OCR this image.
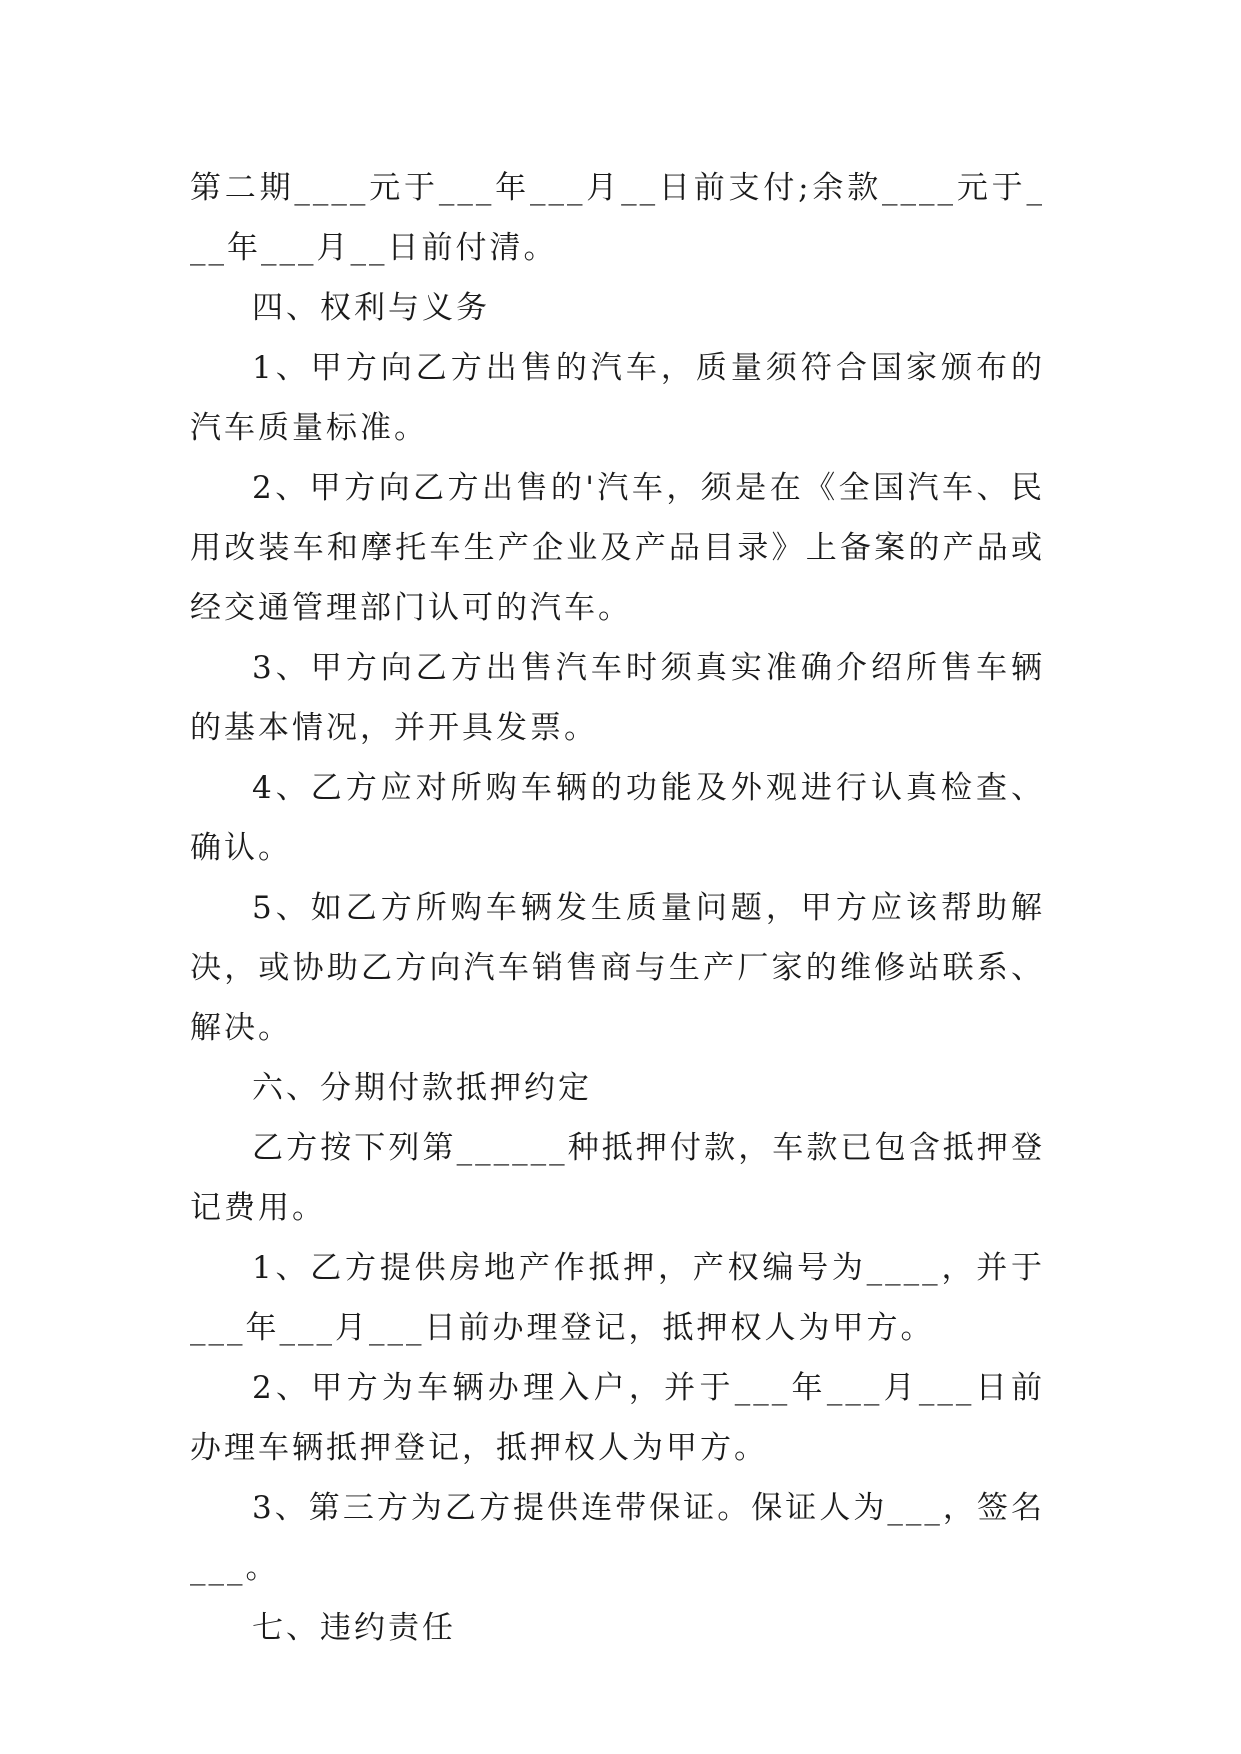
第二期____元于___年___月__日前支付;余款____元于___年___月__日前付清。

四、权利与义务

1、甲方向乙方出售的汽车，质量须符合国家颁布的汽车质量标准。

2、甲方向乙方出售的'汽车，须是在《全国汽车、民用改装车和摩托车生产企业及产品目录》上备案的产品或经交通管理部门认可的汽车。

3、甲方向乙方出售汽车时须真实准确介绍所售车辆的基本情况，并开具发票。

4、乙方应对所购车辆的功能及外观进行认真检查、确认。

5、如乙方所购车辆发生质量问题，甲方应该帮助解决，或协助乙方向汽车销售商与生产厂家的维修站联系、解决。

六、分期付款抵押约定

乙方按下列第______种抵押付款，车款已包含抵押登记费用。

1、乙方提供房地产作抵押，产权编号为____，并于___年___月___日前办理登记，抵押权人为甲方。

2、甲方为车辆办理入户，并于___年___月___日前办理车辆抵押登记，抵押权人为甲方。

3、第三方为乙方提供连带保证。保证人为___，签名___。

七、违约责任
